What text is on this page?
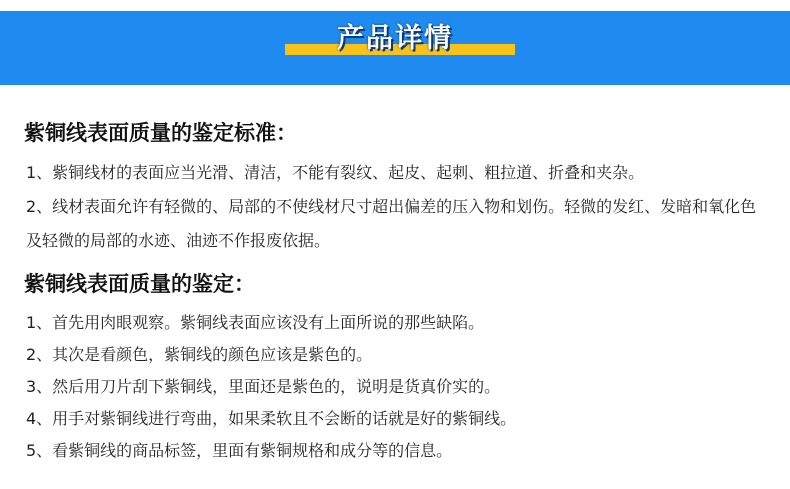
产品详情
紫铜线表面质量的鉴定标准：
1、紫铜线材的表面应当光滑、清洁，不能有裂纹、起皮、起刺、粗拉道、折叠和夹杂。
2、线材表面允许有轻微的、局部的不使线材尺寸超出偏差的压入物和划伤。轻微的发红、发暗和氧化色及轻微的局部的水迹、油迹不作报废依据。
紫铜线表面质量的鉴定：
1、首先用肉眼观察。紫铜线表面应该没有上面所说的那些缺陷。
2、其次是看颜色，紫铜线的颜色应该是紫色的。
3、然后用刀片刮下紫铜线，里面还是紫色的，说明是货真价实的。
4、用手对紫铜线进行弯曲，如果柔软且不会断的话就是好的紫铜线。
5、看紫铜线的商品标签，里面有紫铜规格和成分等的信息。
